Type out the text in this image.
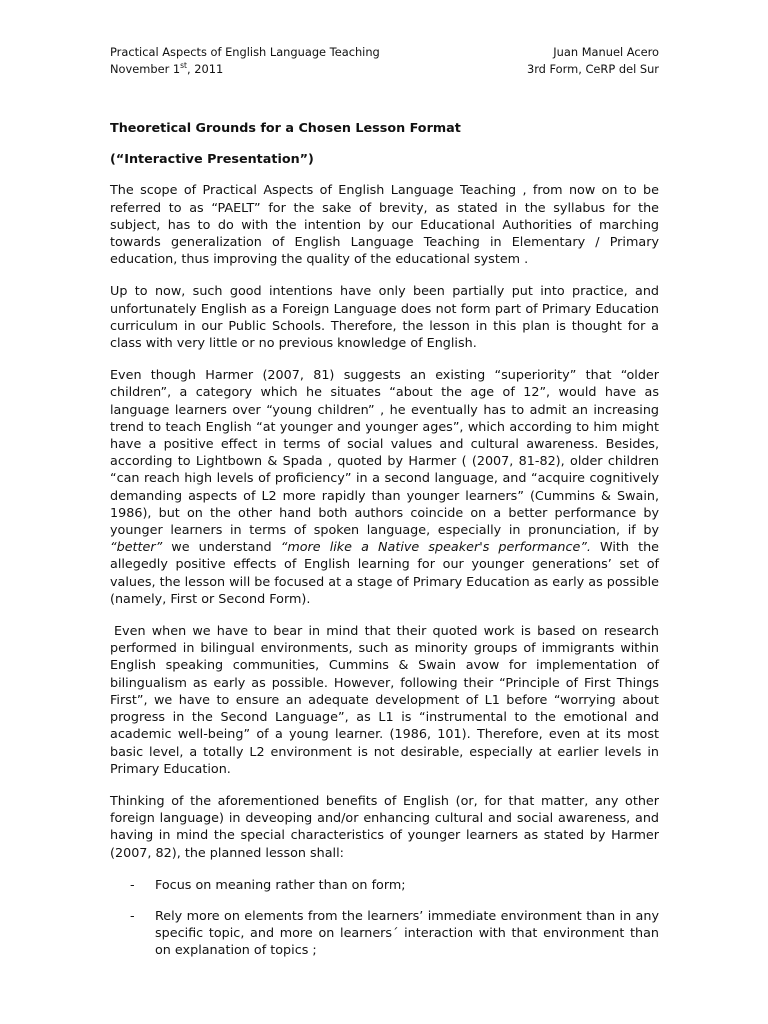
Practical Aspects of English Language Teaching
November 1st, 2011
Juan Manuel Acero
3rd Form, CeRP del Sur
Theoretical Grounds for a Chosen Lesson Format
(“Interactive Presentation”)

The scope of Practical Aspects of English Language Teaching , from now on to be referred to as “PAELT” for the sake of brevity, as stated in the syllabus for the subject, has to do with the intention by our Educational Authorities of marching towards generalization of English Language Teaching in Elementary / Primary education, thus improving the quality of the educational system .

Up to now, such good intentions have only been partially put into practice, and unfortunately English as a Foreign Language does not form part of Primary Education curriculum in our Public Schools. Therefore, the lesson in this plan is thought for a class with very little or no previous knowledge of English.

Even though Harmer (2007, 81) suggests an existing “superiority” that “older children”, a category which he situates “about the age of 12”, would have as language learners over “young children” , he eventually has to admit an increasing trend to teach English “at younger and younger ages”, which according to him might have a positive effect in terms of social values and cultural awareness. Besides, according to Lightbown & Spada , quoted by Harmer ( (2007, 81-82), older children “can reach high levels of proficiency” in a second language, and “acquire cognitively demanding aspects of L2 more rapidly than younger learners” (Cummins & Swain, 1986), but on the other hand both authors coincide on a better performance by younger learners in terms of spoken language, especially in pronunciation, if by “better” we understand “more like a Native speaker's performance”. With the allegedly positive effects of English learning for our younger generations’ set of values, the lesson will be focused at a stage of Primary Education as early as possible (namely, First or Second Form).

Even when we have to bear in mind that their quoted work is based on research performed in bilingual environments, such as minority groups of immigrants within English speaking communities, Cummins & Swain avow for implementation of bilingualism as early as possible. However, following their “Principle of First Things First”, we have to ensure an adequate development of L1 before “worrying about progress in the Second Language”, as L1 is “instrumental to the emotional and academic well-being” of a young learner. (1986, 101). Therefore, even at its most basic level, a totally L2 environment is not desirable, especially at earlier levels in Primary Education.

Thinking of the aforementioned benefits of English (or, for that matter, any other foreign language) in deveoping and/or enhancing cultural and social awareness, and having in mind the special characteristics of younger learners as stated by Harmer (2007, 82), the planned lesson shall:

- Focus on meaning rather than on form;
- Rely more on elements from the learners’ immediate environment than in any specific topic, and more on learners´ interaction with that environment than on explanation of topics ;
